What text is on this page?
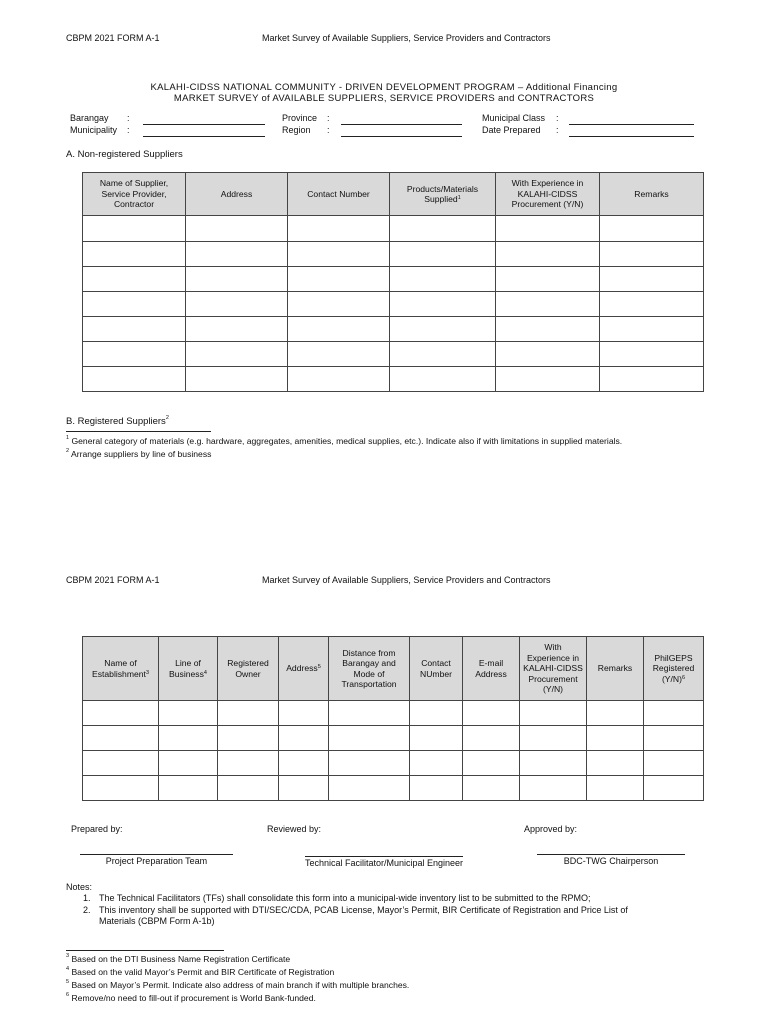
CBPM 2021 FORM A-1	Market Survey of Available Suppliers, Service Providers and Contractors
KALAHI-CIDSS NATIONAL COMMUNITY - DRIVEN DEVELOPMENT PROGRAM – Additional Financing
MARKET SURVEY of AVAILABLE SUPPLIERS, SERVICE PROVIDERS and CONTRACTORS
Barangay :
Municipality :
Province :
Region :
Municipal Class :
Date Prepared :
A. Non-registered Suppliers
Name of Supplier, Service Provider, Contractor	Address	Contact Number	Products/Materials Supplied$^1$	With Experience in KALAHI-CIDSS Procurement (Y/N)	Remarks

B. Registered Suppliers$^2$
$^1$ General category of materials (e.g. hardware, aggregates, amenities, medical supplies, etc.). Indicate also if with limitations in supplied materials.
$^2$ Arrange suppliers by line of business
CBPM 2021 FORM A-1	Market Survey of Available Suppliers, Service Providers and Contractors
Name of Establishment$^3$	Line of Business$^4$	Registered Owner	Address$^5$	Distance from Barangay and Mode of Transportation	Contact NUmber	E-mail Address	With Experience in KALAHI-CIDSS Procurement (Y/N)	Remarks	PhilGEPS Registered $(Y/N)^6$

Prepared by:	Reviewed by:	Approved by:
Project Preparation Team	Technical Facilitator/Municipal Engineer	BDC-TWG Chairperson
Notes:
1. The Technical Facilitators (TFs) shall consolidate this form into a municipal-wide inventory list to be submitted to the RPMO;
2. This inventory shall be supported with DTI/SEC/CDA, PCAB License, Mayor’s Permit, BIR Certificate of Registration and Price List of
Materials (CBPM Form A-1b)
$^3$ Based on the DTI Business Name Registration Certificate
$^4$ Based on the valid Mayor’s Permit and BIR Certificate of Registration
$^5$ Based on Mayor’s Permit. Indicate also address of main branch if with multiple branches.
$^6$ Remove/no need to fill-out if procurement is World Bank-funded.
